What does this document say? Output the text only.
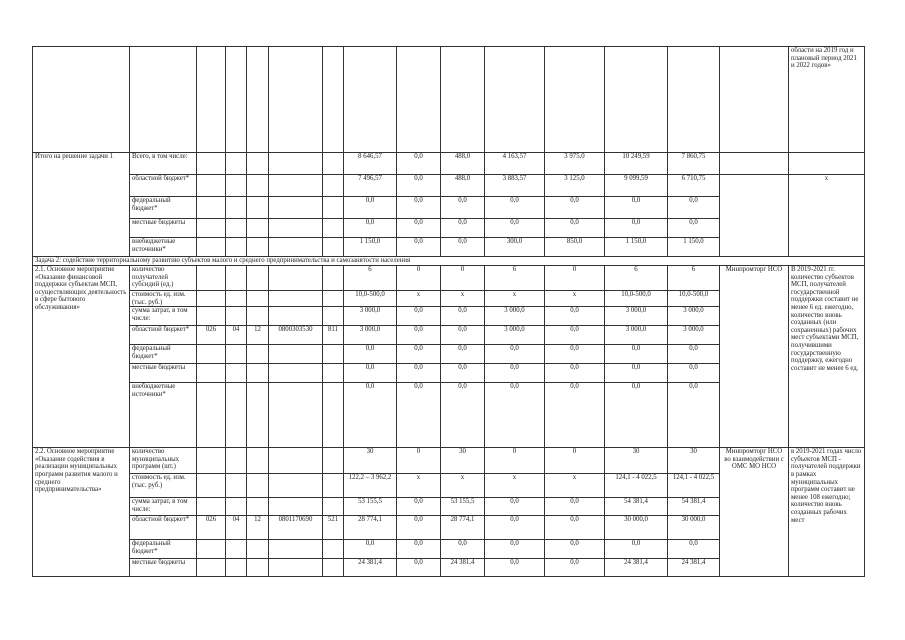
															области на 2019 год и плановый период 2021 и 2022 годов»
Итого на решение задачи 1	Всего, в том числе:						8 646,57	0,0	488,0	4 163,57	3 975,0	10 249,59	7 860,75		
	областной бюджет*						7 496,57	0,0	488,0	3 883,57	3 125,0	9 099,59	6 710,75		x
	федеральный бюджет*						0,0	0,0	0,0	0,0	0,0	0,0	0,0		
	местные бюджеты						0,0	0,0	0,0	0,0	0,0	0,0	0,0		
	внебюджетные источники*						1 150,0	0,0	0,0	300,0	850,0	1 150,0	1 150,0		
Задача 2: содействие территориальному развитию субъектов малого и среднего предпринимательства и самозанятости населения															
2.1. Основное мероприятие «Оказание финансовой поддержки субъектам МСП, осуществляющих деятельность в сфере бытового обслуживания»	количество получателей субсидий (ед.)						6	0	0	6	0	6	6	Минпромторг НСО	В 2019-2021 гг. количество субъектов МСП, получателей государственной поддержки составит не менее 6 ед. ежегодно, количество вновь созданных (или сохраненных) рабочих мест субъектами МСП, получившими государственную поддержку, ежегодно составит не менее 6 ед.
	стоимость ед. изм. (тыс. руб.)						10,0-500,0	x	x	x	x	10,0-500,0	10,0-500,0		
	сумма затрат, в том числе:						3 000,0	0,0	0,0	3 000,0	0,0	3 000,0	3 000,0		
	областной бюджет*	026	04	12	0800303530	811	3 000,0	0,0	0,0	3 000,0	0,0	3 000,0	3 000,0		
	федеральный бюджет*						0,0	0,0	0,0	0,0	0,0	0,0	0,0		
	местные бюджеты						0,0	0,0	0,0	0,0	0,0	0,0	0,0		
	внебюджетные источники*						0,0	0,0	0,0	0,0	0,0	0,0	0,0		
2.2. Основное мероприятие «Оказание содействия в реализации муниципальных программ развития малого и среднего предпринимательства»	количество муниципальных программ (шт.)						30	0	30	0	0	30	30	Минпромторг НСО во взаимодействии с ОМС МО НСО	в 2019-2021 годах число субъектов МСП - получателей поддержки в рамках муниципальных программ составит не менее 108 ежегодно; количество вновь созданных рабочих мест
	стоимость ед. изм. (тыс. руб.)						122,2 – 3 962,2	x	x	x	x	124,1 - 4 022,5	124,1 - 4 022,5		
	сумма затрат, в том числе:						53 155,5	0,0	53 155,5	0,0	0,0	54 381,4	54 381,4		
	областной бюджет*	026	04	12	0801170690	521	28 774,1	0,0	28 774,1	0,0	0,0	30 000,0	30 000,0		
	федеральный бюджет*						0,0	0,0	0,0	0,0	0,0	0,0	0,0		
	местные бюджеты						24 381,4	0,0	24 381,4	0,0	0,0	24 381,4	24 381,4		
